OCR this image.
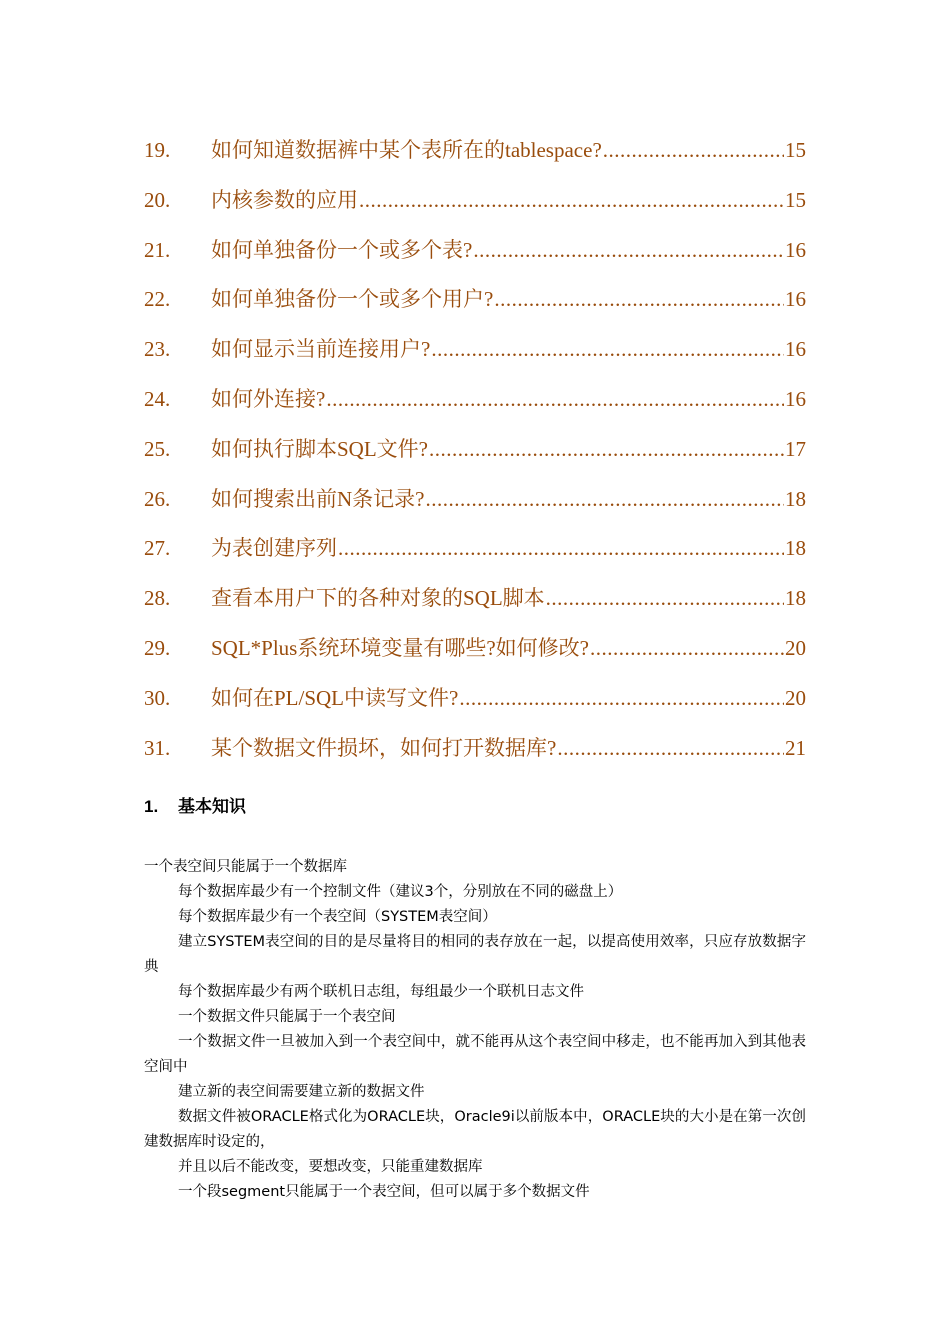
19.	如何知道数据裤中某个表所在的tablespace? .....	15
20.	内核参数的应用 .....	15
21.	如何单独备份一个或多个表? .....	16
22.	如何单独备份一个或多个用户? .....	16
23.	如何显示当前连接用户? .....	16
24.	如何外连接? .....	16
25.	如何执行脚本SQL文件? .....	17
26.	如何搜索出前N条记录? .....	18
27.	为表创建序列 .....	18
28.	查看本用户下的各种对象的SQL脚本 .....	18
29.	SQL*Plus系统环境变量有哪些?如何修改? .....	20
30.	如何在PL/SQL中读写文件? .....	20
31.	某个数据文件损坏，如何打开数据库? .....	21
1. 基本知识

一个表空间只能属于一个数据库

每个数据库最少有一个控制文件（建议3个，分别放在不同的磁盘上）

每个数据库最少有一个表空间（SYSTEM表空间）

建立SYSTEM表空间的目的是尽量将目的相同的表存放在一起，以提高使用效率，只应存放数据字典

每个数据库最少有两个联机日志组，每组最少一个联机日志文件

一个数据文件只能属于一个表空间

一个数据文件一旦被加入到一个表空间中，就不能再从这个表空间中移走，也不能再加入到其他表空间中

建立新的表空间需要建立新的数据文件

数据文件被ORACLE格式化为ORACLE块，Oracle9i以前版本中，ORACLE块的大小是在第一次创建数据库时设定的，

并且以后不能改变，要想改变，只能重建数据库

一个段segment只能属于一个表空间，但可以属于多个数据文件
